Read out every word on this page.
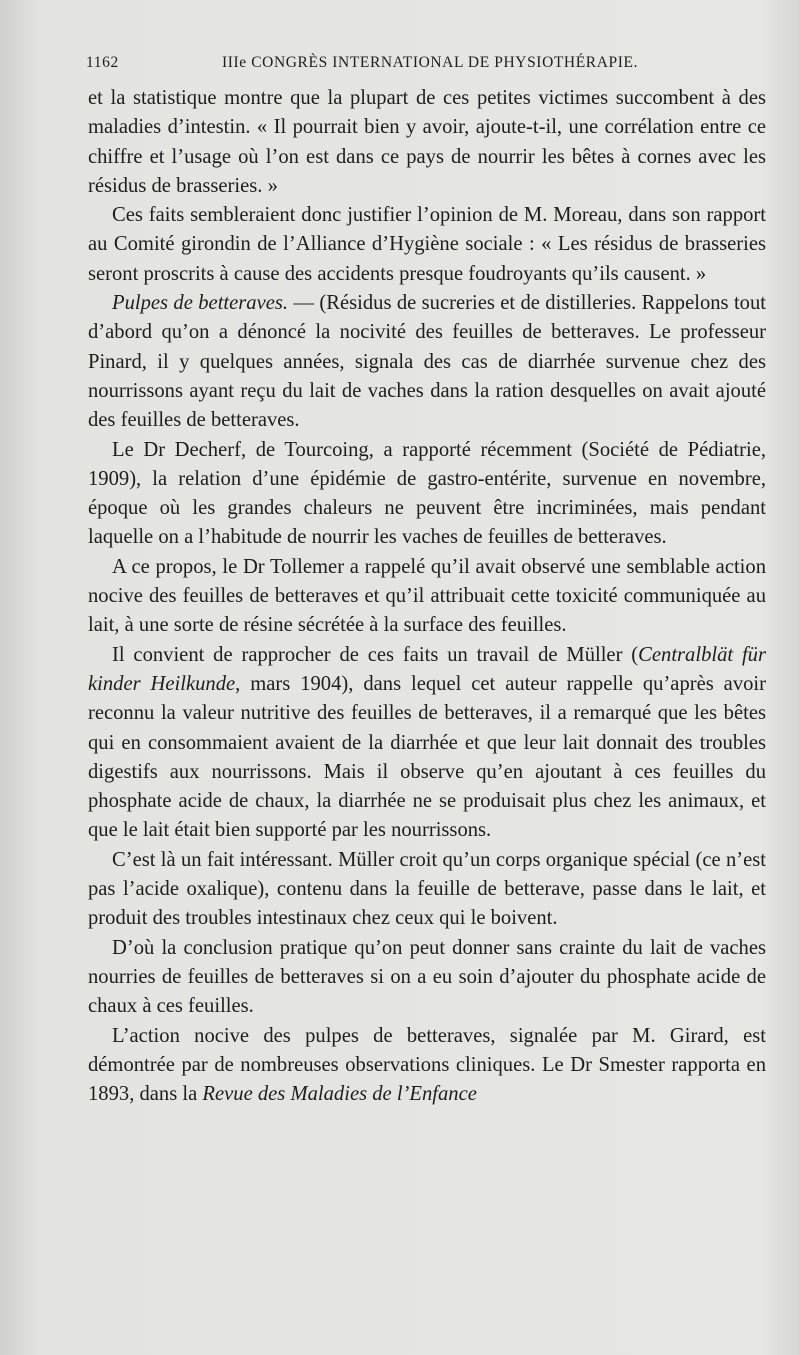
1162	IIIe CONGRÈS INTERNATIONAL DE PHYSIOTHÉRAPIE.

et la statistique montre que la plupart de ces petites victimes succombent à des maladies d’intestin. « Il pourrait bien y avoir, ajoute-t-il, une corrélation entre ce chiffre et l’usage où l’on est dans ce pays de nourrir les bêtes à cornes avec les résidus de brasseries. »

Ces faits sembleraient donc justifier l’opinion de M. Moreau, dans son rapport au Comité girondin de l’Alliance d’Hygiène sociale : « Les résidus de brasseries seront proscrits à cause des accidents presque foudroyants qu’ils causent. »

Pulpes de betteraves. — (Résidus de sucreries et de distilleries. Rappelons tout d’abord qu’on a dénoncé la nocivité des feuilles de betteraves. Le professeur Pinard, il y quelques années, signala des cas de diarrhée survenue chez des nourrissons ayant reçu du lait de vaches dans la ration desquelles on avait ajouté des feuilles de betteraves.

Le Dr Decherf, de Tourcoing, a rapporté récemment (Société de Pédiatrie, 1909), la relation d’une épidémie de gastro-entérite, survenue en novembre, époque où les grandes chaleurs ne peuvent être incriminées, mais pendant laquelle on a l’habitude de nourrir les vaches de feuilles de betteraves.

A ce propos, le Dr Tollemer a rappelé qu’il avait observé une semblable action nocive des feuilles de betteraves et qu’il attribuait cette toxicité communiquée au lait, à une sorte de résine sécrétée à la surface des feuilles.

Il convient de rapprocher de ces faits un travail de Müller (Centralblät für kinder Heilkunde, mars 1904), dans lequel cet auteur rappelle qu’après avoir reconnu la valeur nutritive des feuilles de betteraves, il a remarqué que les bêtes qui en consommaient avaient de la diarrhée et que leur lait donnait des troubles digestifs aux nourrissons. Mais il observe qu’en ajoutant à ces feuilles du phosphate acide de chaux, la diarrhée ne se produisait plus chez les animaux, et que le lait était bien supporté par les nourrissons.

C’est là un fait intéressant. Müller croit qu’un corps organique spécial (ce n’est pas l’acide oxalique), contenu dans la feuille de betterave, passe dans le lait, et produit des troubles intestinaux chez ceux qui le boivent.

D’où la conclusion pratique qu’on peut donner sans crainte du lait de vaches nourries de feuilles de betteraves si on a eu soin d’ajouter du phosphate acide de chaux à ces feuilles.

L’action nocive des pulpes de betteraves, signalée par M. Girard, est démontrée par de nombreuses observations cliniques. Le Dr Smester rapporta en 1893, dans la Revue des Maladies de l’Enfance
